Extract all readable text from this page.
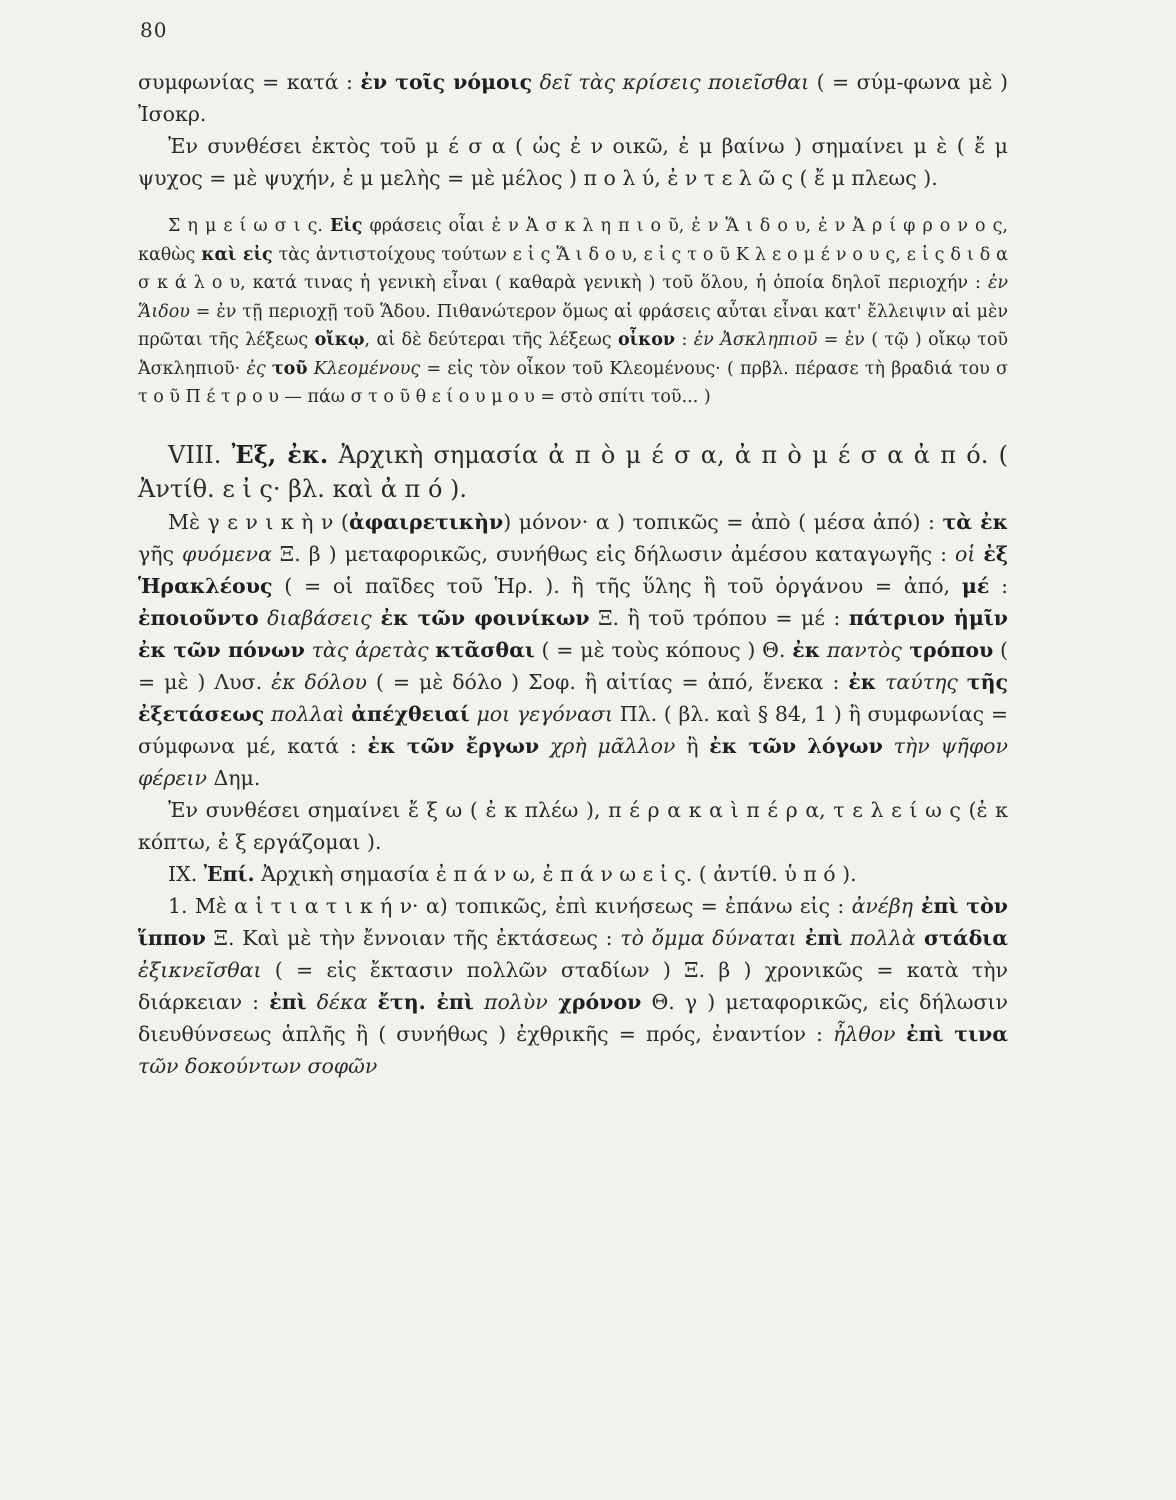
80

συμφωνίας = κατά : ἐν τοῖς νόμοις δεῖ τὰς κρίσεις ποιεῖσθαι ( = σύμ-φωνα μὲ ) Ἰσοκρ.

Ἐν συνθέσει ἐκτὸς τοῦ μ έ σ α ( ὡς ἐ ν οικῶ, ἐ μ βαίνω ) σημαίνει μ ὲ ( ἔ μ ψυχος = μὲ ψυχήν, ἐ μ μελὴς = μὲ μέλος ) π ο λ ύ, ἐ ν τ ε λ ῶ ς ( ἔ μ πλεως ).

Σ η μ ε ί ω σ ι ς. Εἰς φράσεις οἷαι ἐ ν Ἀ σ κ λ η π ι ο ῦ, ἐ ν Ἅ ι δ ο υ, ἐ ν Ἀ ρ ί φ ρ ο ν ο ς, καθὼς καὶ εἰς τὰς ἀντιστοίχους τούτων ε ἰ ς Ἅ ι δ ο υ, ε ἰ ς τ ο ῦ Κ λ ε ο μ έ ν ο υ ς, ε ἰ ς δ ι δ α σ κ ά λ ο υ, κατά τινας ἡ γενικὴ εἶναι ( καθαρὰ γενικὴ ) τοῦ ὅλου, ἡ ὁποία δηλοῖ περιοχήν : ἐν Ἅιδου = ἐν τῇ περιοχῇ τοῦ Ἅδου. Πιθανώτερον ὅμως αἱ φράσεις αὗται εἶναι κατ' ἔλλειψιν αἱ μὲν πρῶται τῆς λέξεως οἴκῳ, αἱ δὲ δεύτεραι τῆς λέξεως οἶκον : ἐν Ἀσκληπιοῦ = ἐν ( τῷ ) οἴκῳ τοῦ Ἀσκληπιοῦ· ἐς τοῦ Κλεομένους = εἰς τὸν οἶκον τοῦ Κλεομένους· ( πρβλ. πέρασε τὴ βραδιά του σ τ ο ῦ Π έ τ ρ ο υ — πάω σ τ ο ῦ θ ε ί ο υ μ ο υ = στὸ σπίτι τοῦ... )

VIII. Ἐξ, ἐκ. Ἀρχικὴ σημασία ἀ π ὸ μ έ σ α, ἀ π ὸ μ έ σ α ἀ π ό. ( Ἀντίθ. ε ἰ ς· βλ. καὶ ἀ π ό ).

Μὲ γ ε ν ι κ ὴ ν (ἀφαιρετικὴν) μόνον· α ) τοπικῶς = ἀπὸ ( μέσα ἀπό) : τὰ ἐκ γῆς φυόμενα Ξ. β ) μεταφορικῶς, συνήθως εἰς δήλωσιν ἀμέσου καταγωγῆς : οἱ ἐξ Ἡρακλέους ( = οἱ παῖδες τοῦ Ἡρ. ). ἢ τῆς ὕλης ἢ τοῦ ὀργάνου = ἀπό, μέ : ἐποιοῦντο διαβάσεις ἐκ τῶν φοινίκων Ξ. ἢ τοῦ τρόπου = μέ : πάτριον ἡμῖν ἐκ τῶν πόνων τὰς ἀρετὰς κτᾶσθαι ( = μὲ τοὺς κόπους ) Θ. ἐκ παντὸς τρόπου ( = μὲ ) Λυσ. ἐκ δόλου ( = μὲ δόλο ) Σοφ. ἢ αἰτίας = ἀπό, ἕνεκα : ἐκ ταύτης τῆς ἐξετάσεως πολλαὶ ἀπέχθειαί μοι γεγόνασι Πλ. ( βλ. καὶ § 84, 1 ) ἢ συμφωνίας = σύμφωνα μέ, κατά : ἐκ τῶν ἔργων χρὴ μᾶλλον ἢ ἐκ τῶν λόγων τὴν ψῆφον φέρειν Δημ.

Ἐν συνθέσει σημαίνει ἔ ξ ω ( ἐ κ πλέω ), π έ ρ α κ α ὶ π έ ρ α, τ ε λ ε ί ω ς (ἐ κ κόπτω, ἐ ξ εργάζομαι ).

IX. Ἐπί. Ἀρχικὴ σημασία ἐ π ά ν ω, ἐ π ά ν ω ε ἰ ς. ( ἀντίθ. ὑ π ό ).

1. Μὲ α ἰ τ ι α τ ι κ ή ν· α) τοπικῶς, ἐπὶ κινήσεως = ἐπάνω εἰς : ἀνέβη ἐπὶ τὸν ἵππον Ξ. Καὶ μὲ τὴν ἔννοιαν τῆς ἐκτάσεως : τὸ ὄμμα δύναται ἐπὶ πολλὰ στάδια ἐξικνεῖσθαι ( = εἰς ἔκτασιν πολλῶν σταδίων ) Ξ. β ) χρονικῶς = κατὰ τὴν διάρκειαν : ἐπὶ δέκα ἔτη. ἐπὶ πολὺν χρόνον Θ. γ ) μεταφορικῶς, εἰς δήλωσιν διευθύνσεως ἁπλῆς ἢ ( συνήθως ) ἐχθρικῆς = πρός, ἐναντίον : ἦλθον ἐπὶ τινα τῶν δοκούντων σοφῶν
